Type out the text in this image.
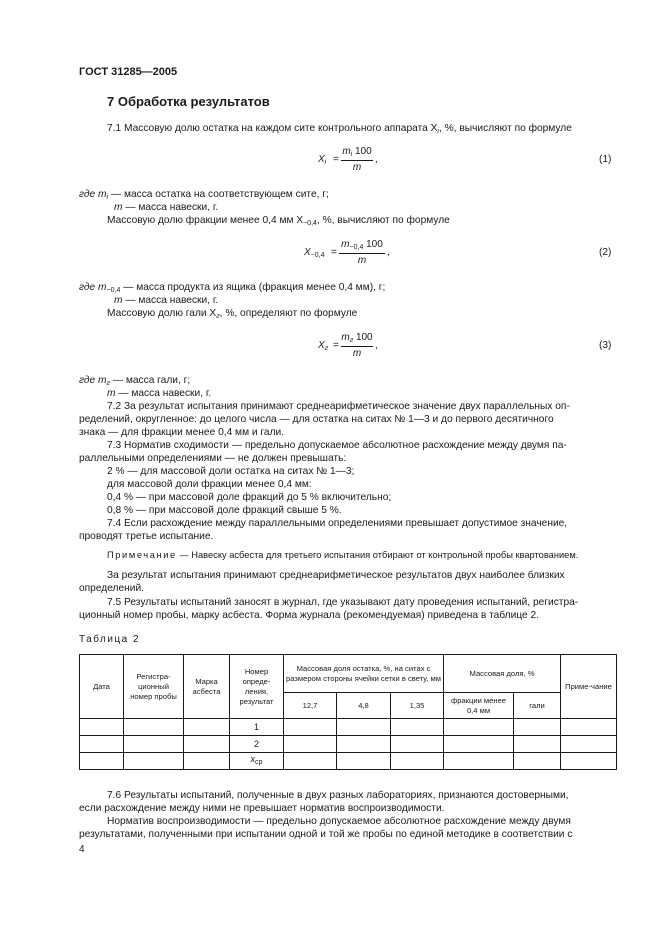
ГОСТ 31285—2005
7 Обработка результатов
7.1 Массовую долю остатка на каждом сите контрольного аппарата $X_i$, %, вычисляют по формуле
$X_i$ =
$m_i$ 100
m
,	(1)
где $m_i$ — масса остатка на соответствующем сите, г;
m — масса навески, г.
Массовую долю фракции менее 0,4 мм $X_{-0,4}$, %, вычисляют по формуле
$X_{-0,4}$ =
$m_{-0,4}$ 100
m
,	(2)
где $m_{-0,4}$ — масса продукта из ящика (фракция менее 0,4 мм), г;
m — масса навески, г.
Массовую долю гали $X_г$, %, определяют по формуле
$X_г$ =
$m_г$ 100
m
,	(3)
где $m_г$ — масса гали, г;
m — масса навески, г.
7.2 За результат испытания принимают среднеарифметическое значение двух параллельных оп-
ределений, округленное: до целого числа — для остатка на ситах № 1—3 и до первого десятичного
знака — для фракции менее 0,4 мм и гали.
7.3 Норматив сходимости — предельно допускаемое абсолютное расхождение между двумя па-
раллельными определениями — не должен превышать:
2 % — для массовой доли остатка на ситах № 1—3;
для массовой доли фракции менее 0,4 мм:
0,4 % — при массовой доле фракций до 5 % включительно;
0,8 % — при массовой доле фракций свыше 5 %.
7.4 Если расхождение между параллельными определениями превышает допустимое значение,
проводят третье испытание.
Примечание — Навеску асбеста для третьего испытания отбирают от контрольной пробы квартованием.
За результат испытания принимают среднеарифметическое результатов двух наиболее близких
определений.
7.5 Результаты испытаний заносят в журнал, где указывают дату проведения испытаний, регистра-
ционный номер пробы, марку асбеста. Форма журнала (рекомендуемая) приведена в таблице 2.
Таблица 2
Дата	Регистра-ционный номер пробы	Марка асбеста	Номер опреде-ления, результат	Массовая доля остатка, %, на ситах с размером стороны ячейки сетки в свету, мм			Массовая доля, %		Приме-чание
				12,7	4,8	1,35	фракции менее 0,4 мм	гали	
			1						
			2						
			$x_{ср}$						
7.6 Результаты испытаний, полученные в двух разных лабораториях, признаются достоверными,
если расхождение между ними не превышает норматив воспроизводимости.
Норматив воспроизводимости — предельно допускаемое абсолютное расхождение между двумя
результатами, полученными при испытании одной и той же пробы по единой методике в соответствии с
4
